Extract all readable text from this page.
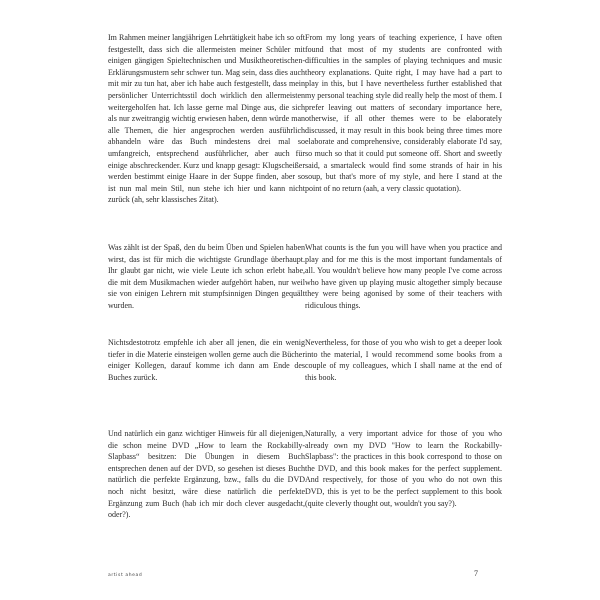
Im Rahmen meiner langjährigen Lehrtätigkeit habe ich so oft festgestellt, dass sich die allermeisten meiner Schüler mit einigen gängigen Spieltechnischen und Musiktheoretischen-Erklärungsmustern sehr schwer tun. Mag sein, dass dies auch mit mir zu tun hat, aber ich habe auch festgestellt, dass mein persönlicher Unterrichtsstil doch wirklich den allermeisten weitergeholfen hat. Ich lasse gerne mal Dinge aus, die sich als nur zweitrangig wichtig erwiesen haben, denn würde man alle Themen, die hier angesprochen werden ausführlich abhandeln wäre das Buch mindestens drei mal so umfangreich, entsprechend ausführlicher, aber auch für einige abschreckender. Kurz und knapp gesagt: Klugscheißer werden bestimmt einige Haare in der Suppe finden, aber so ist nun mal mein Stil, nun stehe ich hier und kann nicht zurück (ah, sehr klassisches Zitat).

From my long years of teaching experience, I have often found that most of my students are confronted with difficulties in the samples of playing techniques and music theory explanations. Quite right, I may have had a part to play in this, but I have nevertheless further established that my personal teaching style did really help the most of them. I prefer leaving out matters of secondary importance here, otherwise, if all other themes were to be elaborately discussed, it may result in this book being three times more elaborate and comprehensive, considerably elaborate I'd say, so much so that it could put someone off. Short and sweetly said, a smartaleck would find some strands of hair in his soup, but that's more of my style, and here I stand at the point of no return (aah, a very classic quotation).

Was zählt ist der Spaß, den du beim Üben und Spielen haben wirst, das ist für mich die wichtigste Grundlage überhaupt. Ihr glaubt gar nicht, wie viele Leute ich schon erlebt habe, die mit dem Musikmachen wieder aufgehört haben, nur weil sie von einigen Lehrern mit stumpfsinnigen Dingen gequält wurden.

What counts is the fun you will have when you practice and play and for me this is the most important fundamentals of all. You wouldn't believe how many people I've come across who have given up playing music altogether simply because they were being agonised by some of their teachers with ridiculous things.

Nichtsdestotrotz empfehle ich aber all jenen, die ein wenig tiefer in die Materie einsteigen wollen gerne auch die Bücher einiger Kollegen, darauf komme ich dann am Ende des Buches zurück.

Nevertheless, for those of you who wish to get a deeper look into the material, I would recommend some books from a couple of my colleagues, which I shall name at the end of this book.

Und natürlich ein ganz wichtiger Hinweis für all diejenigen, die schon meine DVD „How to learn the Rockabilly-Slapbass“ besitzen: Die Übungen in diesem Buch entsprechen denen auf der DVD, so gesehen ist dieses Buch natürlich die perfekte Ergänzung, bzw., falls du die DVD noch nicht besitzt, wäre diese natürlich die perfekte Ergänzung zum Buch (hab ich mir doch clever ausgedacht, oder?).

Naturally, a very important advice for those of you who already own my DVD "How to learn the Rockabilly-Slapbass": the practices in this book correspond to those on the DVD, and this book makes for the perfect supplement. And respectively, for those of you who do not own this DVD, this is yet to be the perfect supplement to this book (quite cleverly thought out, wouldn't you say?).

artist ahead	7
